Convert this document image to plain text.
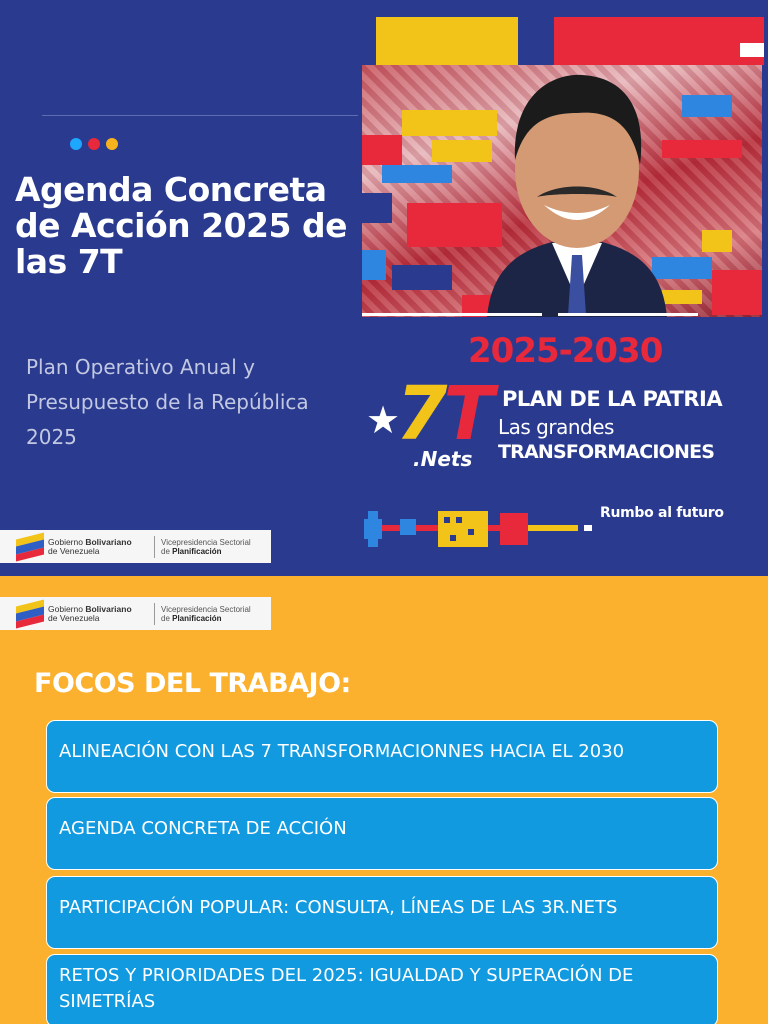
Agenda Concreta de Acción 2025 de las 7T

Plan Operativo Anual y Presupuesto de la República 2025

2025-2030
★
7T
.Nets
PLAN DE LA PATRIA
Las grandes
TRANSFORMACIONES
Rumbo al futuro
Gobierno Bolivariano
de Venezuela
Vicepresidencia Sectorial
de Planificación
Gobierno Bolivariano
de Venezuela
Vicepresidencia Sectorial
de Planificación
FOCOS DEL TRABAJO:
ALINEACIÓN CON LAS 7 TRANSFORMACIONNES HACIA EL 2030
AGENDA CONCRETA DE ACCIÓN
PARTICIPACIÓN POPULAR: CONSULTA, LÍNEAS DE LAS 3R.NETS
RETOS Y PRIORIDADES DEL 2025: IGUALDAD Y SUPERACIÓN DE SIMETRÍAS
